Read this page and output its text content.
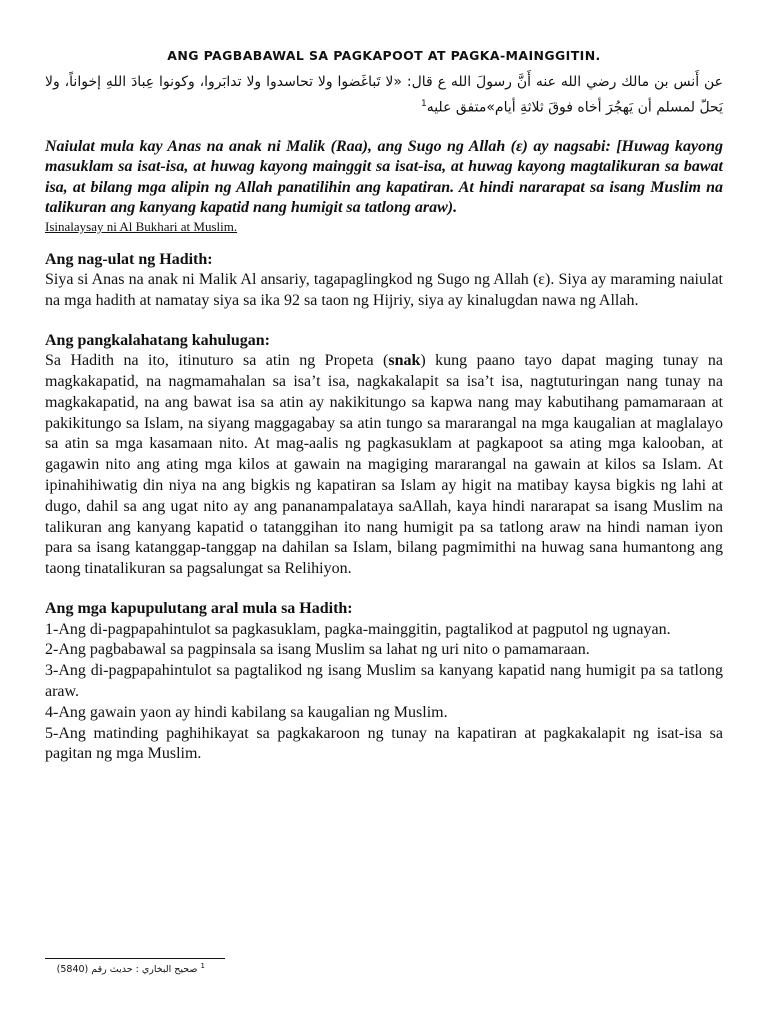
ANG PAGBABAWAL SA PAGKAPOOT AT PAGKA-MAINGGITIN.

عن أَنس بن مالك رضي الله عنه أَنَّ رسولَ الله ع قال: «لا تَباغَضوا ولا تحاسدوا ولا تدابَروا، وكونوا عِبادَ اللهِ إخواناً، ولا يَحلّ لمسلم أن يَهجُرَ أخاه فوقَ ثلاثةِ أيام»متفق عليه$^1$

Naiulat mula kay Anas na anak ni Malik (Raa), ang Sugo ng Allah (ε) ay nagsabi: [Huwag kayong masuklam sa isat-isa, at huwag kayong mainggit sa isat-isa, at huwag kayong magtalikuran sa bawat isa, at bilang mga alipin ng Allah panatilihin ang kapatiran. At hindi nararapat sa isang Muslim na talikuran ang kanyang kapatid nang humigit sa tatlong araw).

Isinalaysay ni Al Bukhari at Muslim.

Ang nag-ulat ng Hadith:

Siya si Anas na anak ni Malik Al ansariy, tagapaglingkod ng Sugo ng Allah (ε). Siya ay maraming naiulat na mga hadith at namatay siya sa ika 92 sa taon ng Hijriy, siya ay kinalugdan nawa ng Allah.

Ang pangkalahatang kahulugan:

Sa Hadith na ito, itinuturo sa atin ng Propeta (snak) kung paano tayo dapat maging tunay na magkakapatid, na nagmamahalan sa isa’t isa, nagkakalapit sa isa’t isa, nagtuturingan nang tunay na magkakapatid, na ang bawat isa sa atin ay nakikitungo sa kapwa nang may kabutihang pamamaraan at pakikitungo sa Islam, na siyang maggagabay sa atin tungo sa mararangal na mga kaugalian at maglalayo sa atin sa mga kasamaan nito. At mag-aalis ng pagkasuklam at pagkapoot sa ating mga kalooban, at gagawin nito ang ating mga kilos at gawain na magiging mararangal na gawain at kilos sa Islam. At ipinahihiwatig din niya na ang bigkis ng kapatiran sa Islam ay higit na matibay kaysa bigkis ng lahi at dugo, dahil sa ang ugat nito ay ang pananampalataya saAllah, kaya hindi nararapat sa isang Muslim na talikuran ang kanyang kapatid o tatanggihan ito nang humigit pa sa tatlong araw na hindi naman iyon para sa isang katanggap-tanggap na dahilan sa Islam, bilang pagmimithi na huwag sana humantong ang taong tinatalikuran sa pagsalungat sa Relihiyon.

Ang mga kapupulutang aral mula sa Hadith:
1-Ang di-pagpapahintulot sa pagkasuklam, pagka-mainggitin, pagtalikod at pagputol ng ugnayan.
2-Ang pagbabawal sa pagpinsala sa isang Muslim sa lahat ng uri nito o pamamaraan.
3-Ang di-pagpapahintulot sa pagtalikod ng isang Muslim sa kanyang kapatid nang humigit pa sa tatlong araw.
4-Ang gawain yaon ay hindi kabilang sa kaugalian ng Muslim.
5-Ang matinding paghihikayat sa pagkakaroon ng tunay na kapatiran at pagkakalapit ng isat-isa sa pagitan ng mga Muslim.
$^1$ صحيح البخاري : حديث رقم (5840)
